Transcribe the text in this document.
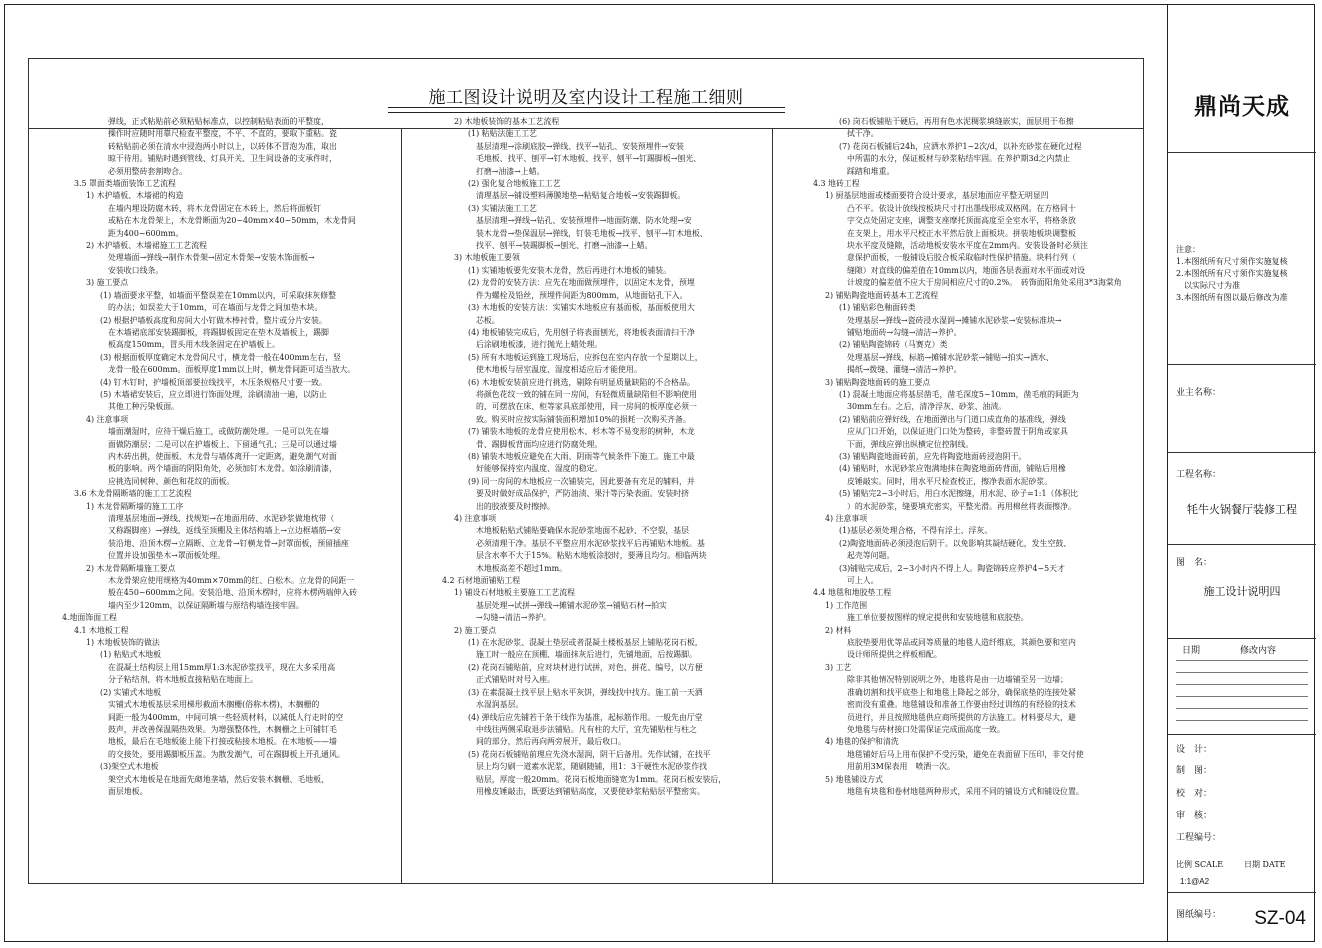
施工图设计说明及室内设计工程施工细则
弹线，正式粘贴前必须粘贴标准点，以控制粘贴表面的平整度，
操作时应随时用靠尺检查平整度，不平、不直的，要取下重粘。瓷
砖粘贴前必须在清水中浸泡两小时以上，以砖体不冒泡为准，取出
晾干待用。铺贴时遇到管线、灯具开关、卫生间设备的支承件时，
必须用整砖套割吻合。
3.5 罩面类墙面装饰工艺流程
1) 木护墙板、木墙裙的构造
在墙内埋设防腐木砖，将木龙骨固定在木砖上，然后将面板钉
或粘在木龙骨架上，木龙骨断面为20~40mm×40~50mm，木龙骨间
距为400~600mm。
2) 木护墙板、木墙裙施工工艺流程
处理墙面→弹线→制作木骨架→固定木骨架→安装木饰面板→
安装收口线条。
3) 施工要点
(1) 墙面要求平整，如墙面平整误差在10mm以内，可采取抹灰修整
的办法；如误差大于10mm，可在墙面与龙骨之间加垫木块。
(2) 根据护墙板高度和房间大小钉做木棒衬骨，整片或分片安装。
在木墙裙底部安装踢脚板，将踢脚板固定在垫木及墙板上，踢脚
板高度150mm，冒头用木线条固定在护墙板上。
(3) 根据面板厚度确定木龙骨间尺寸，横龙骨一般在400mm左右，竖
龙骨一般在600mm。面板厚度1mm以上时，横龙骨间距可适当放大。
(4) 钉木钉时，护墙板顶部要拉线找平，木压条规格尺寸要一致。
(5) 木墙裙安装后，应立即进行饰面处理，涂刷清油一遍，以防止
其他工种污染板面。
4) 注意事项
墙面潮湿时，应待干燥后施工，或做防潮处理。一是可以先在墙
面做防潮层；二是可以在护墙板上、下留通气孔；三是可以通过墙
内木砖出挑，使面板、木龙骨与墙体离开一定距离，避免潮气对面
板的影响。两个墙面的阴阳角处，必须加钉木龙骨。如涂刷清漆，
应挑选同树种、颜色和花纹的面板。
3.6 木龙骨隔断墙的施工工艺流程
1) 木龙骨隔断墙的施工工序
清理基层地面→弹线、找规矩→在地面用砖、水泥砂浆做地枕带（
又称踢脚座）→弹线，返线至顶棚及主体结构墙上→立边框墙筋→安
装沿地、沿顶木楞→立隔断、立龙骨→钉横龙骨→封罩面板，预留插座
位置并设加强垫木→罩面板处理。
2) 木龙骨隔断墙施工要点
木龙骨架应使用规格为40mm×70mm的红、白松木。立龙骨的间距一
般在450~600mm之间。安装沿地、沿顶木楞时，应将木楞两端伸入砖
墙内至少120mm，以保证隔断墙与原结构墙连接牢固。
4.地面饰面工程
4.1 木地板工程
1) 木地板装饰的做法
(1) 粘贴式木地板
在混凝土结构层上用15mm厚1:3水泥砂浆找平，现在大多采用高
分子粘结剂，将木地板直接粘贴在地面上。
(2) 实铺式木地板
实铺式木地板基层采用梯形截面木搁栅(俗称木楞)，木搁栅的
间距一般为400mm，中间可填一些轻质材料，以减低人行走时的空
鼓声，并改善保温隔热效果。为增强整体性，木搁栅之上可铺钉毛
地板，最后在毛地板能上能下打接或粘接木地板。在木地板——墙
的交接处，要用踢脚板压盖。为散发潮气，可在踢脚板上开孔通风。
(3)架空式木地板
架空式木地板是在地面先砌地垄墙，然后安装木搁栅、毛地板、
面层地板。
2) 木地板装饰的基本工艺流程
(1) 粘贴法施工工艺
基层清理→涂刷底胶→弹线、找平→钻孔、安装预埋件→安装
毛地板、找平、刨平→钉木地板、找平、刨平→钉踢脚板→刨光、
打磨→油漆→上蜡。
(2) 强化复合地板施工工艺
清理基层→铺设塑料薄膜地垫→粘贴复合地板→安装踢脚板。
(3) 实铺法施工工艺
基层清理→弹线→钻孔、安装预埋件→地面防潮、防水处理→安
装木龙骨→垫保温层→弹线，钉装毛地板→找平、刨平→钉木地板、
找平、刨平→装踢脚板→刨光、打磨→油漆→上蜡。
3) 木地板施工要领
(1) 实铺地板要先安装木龙骨，然后再进行木地板的铺装。
(2) 龙骨的安装方法：应先在地面做预埋件，以固定木龙骨，预埋
件为螺栓及铅丝，预埋件间距为800mm，从地面钻孔下入。
(3) 木地板的安装方法：实铺实木地板应有基面板，基面板使用大
芯板。
(4) 地板铺装完成后，先用刨子将表面刨光，将地板表面清扫干净
后涂刷地板漆，进行抛光上蜡处理。
(5) 所有木地板运到施工现场后，应拆包在室内存放一个星期以上，
使木地板与居室温度、湿度相适应后才能使用。
(6) 木地板安装前应进行挑选，剔除有明显质量缺陷的不合格品。
将颜色花纹一致的铺在同一房间，有轻微质量缺陷但不影响使用
的，可摆放在床、柜等家具底部使用，同一房间的板厚度必须一
致。购买时应按实际铺装面积增加10%的损耗一次购买齐备。
(7) 铺装木地板的龙骨应使用松木、杉木等不易变形的树种，木龙
骨、踢脚板背面均应进行防腐处理。
(8) 铺装木地板应避免在大雨、阴雨等气候条件下施工。施工中最
好能够保持室内温度、湿度的稳定。
(9) 同一房间的木地板应一次铺装完，因此要备有充足的辅料，并
要及时做好成品保护，严防油渍、果汁等污染表面。安装时挤
出的胶液要及时擦掉。
4) 注意事项
木地板粘贴式铺贴要确保水泥砂浆地面不起砂、不空裂，基层
必须清理干净。基层不平整应用水泥砂浆找平后再铺贴木地板。基
层含水率不大于15%。粘贴木地板涂胶时，要薄且均匀。相临两块
木地板高差不超过1mm。
4.2 石材地面铺贴工程
1) 铺设石材地板主要施工工艺流程
基层处理→试拼→弹线→摊铺水泥砂浆→铺贴石材→拍实
→勾缝→清洁→养护。
2) 施工要点
(1) 在水泥砂浆、混凝土垫层或者混凝土楼板基层上铺贴花岗石板，
施工时一般应在顶棚、墙面抹灰后进行，先铺地面，后按踢脚。
(2) 花岗石铺贴前，应对块材进行试拼，对色、拼花、编号，以方便
正式铺贴时对号入座。
(3) 在素混凝土找平层上贴水平灰饼，弹线找中找方。施工前一天洒
水湿润基层。
(4) 弹线后应先铺若干条干线作为基准，起标筋作用。一般先由厅堂
中线往两侧采取退步法铺贴。凡有柱的大厅，宜先铺贴柱与柱之
间的部分，然后再向两旁展开，最后收口。
(5) 花岗石板铺贴前理应先浇水湿润，阴干后备用。先作试铺，在找平
层上均匀刷一道素水泥浆，随刷随铺，用1：3干硬性水泥砂浆作找
贴层，厚度一般20mm。花岗石板地面缝宽为1mm。花岗石板安装后，
用橡皮锤敲击，既要达到铺贴高度，又要使砂浆粘贴层平整密实。
(6) 岗石板铺贴干硬后，再用有色水泥稠浆填缝嵌实，面层用干布擦
拭干净。
(7) 花岗石板铺后24h，应洒水养护1~2次/d，以补充砂浆在硬化过程
中所需的水分，保证板材与砂浆粘结牢固。在养护期3d之内禁止
踩踏和堆重。
4.3 地砖工程
1) 厨基层地面或楼面要符合设计要求，基层地面应平整无明显凹
凸不平。依设计放线按板块尺寸打出墨线形成双格网。在方格同十
字交点处固定支座，调整支座摩托顶面高度至全室水平，将格条放
在支架上，用水平尺校正水平然后放上面板块。拼装地板块调整板
块水平度及缝隙，活动地板安装水平度在2mm内。安装设备时必须注
意保护面板，一般铺设后胶合板采取临时性保护措施。块料行列（
缝隙）对直线的偏差值在10mm以内，地面各层表面对水平面或对设
计坡度的偏差值不应大于房间相应尺寸的0.2%。　砖饰面阳角处采用3*3海棠角
2) 铺贴陶瓷地面砖基本工艺流程
(1) 铺贴彩色釉面砖类
处理基层→弹线→瓷砖浸水湿润→摊铺水泥砂浆→安装标准块→
铺贴地面砖→勾缝→清洁→养护。
(2) 铺贴陶瓷锦砖（马赛克）类
处理基层→弹线、标筋→摊铺水泥砂浆→铺贴→拍实→洒水、
揭纸→拨缝、灌缝→清洁→养护。
3) 铺贴陶瓷地面砖的施工要点
(1) 混凝土地面应将基层凿毛，凿毛深度5~10mm，凿毛痕的间距为
30mm左右。之后，清净浮灰、砂浆、油渍。
(2) 铺贴前应弹好线，在地面弹出与门道口成直角的基准线，弹线
应从门口开始，以保证进门口处为整砖，非整砖置于阴角或家具
下面，弹线应弹出纵横定位控制线。
(3) 铺贴陶瓷地面砖前，应先将陶瓷地面砖浸泡阴干。
(4) 铺贴时，水泥砂浆应饱满地抹在陶瓷地面砖背面，铺贴后用橡
皮锤敲实。同时，用水平尺检查校正，擦净表面水泥砂浆。
(5) 铺贴完2~3小时后，用白水泥擦缝，用水泥、砂子=1:1（体积比
）的水泥砂浆，缝要填充密实，平整光滑。再用棉丝将表面擦净。
4) 注意事项
(1)基层必须处理合格，不得有浮土、浮灰。
(2)陶瓷地面砖必须浸泡后阴干。以免影响其凝结硬化，发生空鼓、
起壳等问题。
(3)铺贴完成后，2~3小时内不得上人。陶瓷锦砖应养护4~5天才
可上人。
4.4 地毯和地胶垫工程
1) 工作范围
施工单位要按图样的规定提供和安装地毯和底胶垫。
2) 材料
底胶垫要用优等品或同等质量的地毯人造纤维底，其颜色要和室内
设计师所提供之样板相配。
3) 工艺
除非其他情况特别说明之外，地毯将是由一边墙铺至另一边墙；
准确切割和找平底垫上和地毯上降起之部分，确保底垫的连接处紧
密而没有重叠。地毯铺设和准备工作要由经过训练的有经验的技术
员进行，并且按照地毯供应商所提供的方法施工。材料要尽大，避
免地毯与砖材接口处需保证完成面高度一致。
4) 地毯的保护和清洗
地毯铺好后马上用布保护不受污染，避免在表面留下压印，非交付使
用前用3M保表用　喷洒一次。
5) 地毯铺设方式
地毯有块毯和卷材地毯两种形式，采用不同的铺设方式和铺设位置。
鼎尚天成
注意：
1.本图纸所有尺寸须作实施复核
2.本图纸所有尺寸须作实施复核
以实际尺寸为准
3.本图纸所有图以最后修改为准
业主名称：
工程名称：
牦牛火锅餐厅装修工程
图　名：
施工设计说明四
日期	修改内容
设　计：
制　图：
校　对：
审　核：
工程编号：
比例 SCALE	日期 DATE
1:1@A2
图纸编号： SZ-04
